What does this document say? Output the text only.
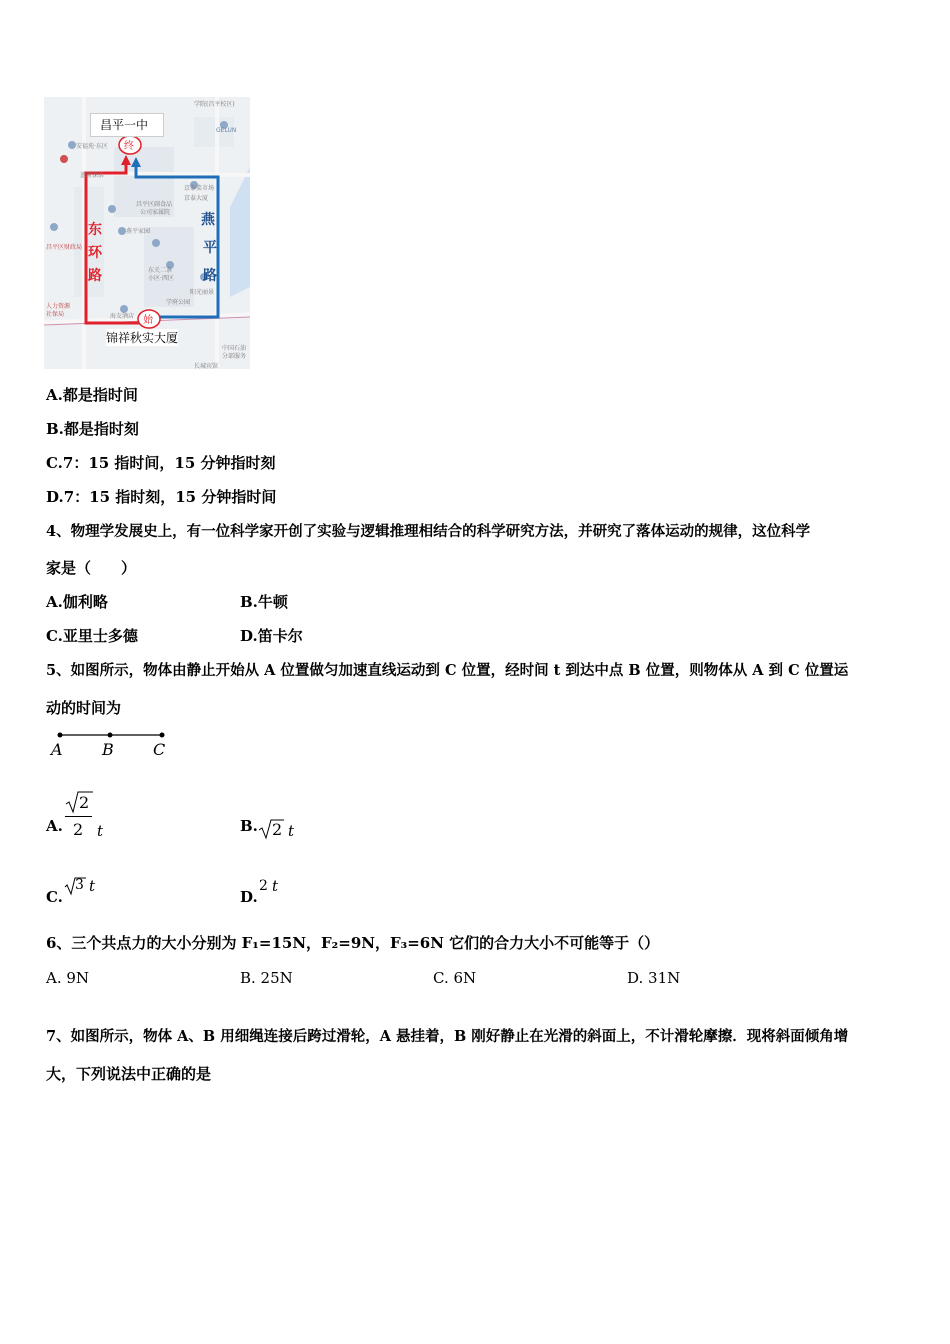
昌平一中
终
始
锦祥秋实大厦
东
环
路
燕
平
路
学院(昌平校区)
GELUN
安福苑·东区
蓝莹保洁
昌平区副食品
公司家属院
燕平家园
东关二条
小区·西区
昌平区财政局
学府公园
海友酒店
阳光丽景
京泰菜市场
京泰大厦
人力资源
社保局
中国石油
分部服务
长城宾馆
A.都是指时间
B.都是指时刻
C.7：15 指时间，15 分钟指时刻
D.7：15 指时刻，15 分钟指时间
4、物理学发展史上，有一位科学家开创了实验与逻辑推理相结合的科学研究方法，并研究了落体运动的规律，这位科学
家是（　　）
A.伽利略	B.牛顿
C.亚里士多德	D.笛卡尔
5、如图所示，物体由静止开始从 A 位置做匀加速直线运动到 C 位置，经时间 t 到达中点 B 位置，则物体从 A 到 C 位置运
动的时间为
A B C
A.
2
2 t	B. 2 t
C.
3 t
D.
2 t
6、三个共点力的大小分别为 F₁=15N，F₂=9N，F₃=6N 它们的合力大小不可能等于（）
A. 9N	B. 25N	C. 6N	D. 31N
7、如图所示，物体 A、B 用细绳连接后跨过滑轮，A 悬挂着，B 刚好静止在光滑的斜面上，不计滑轮摩擦．现将斜面倾角增
大，下列说法中正确的是
